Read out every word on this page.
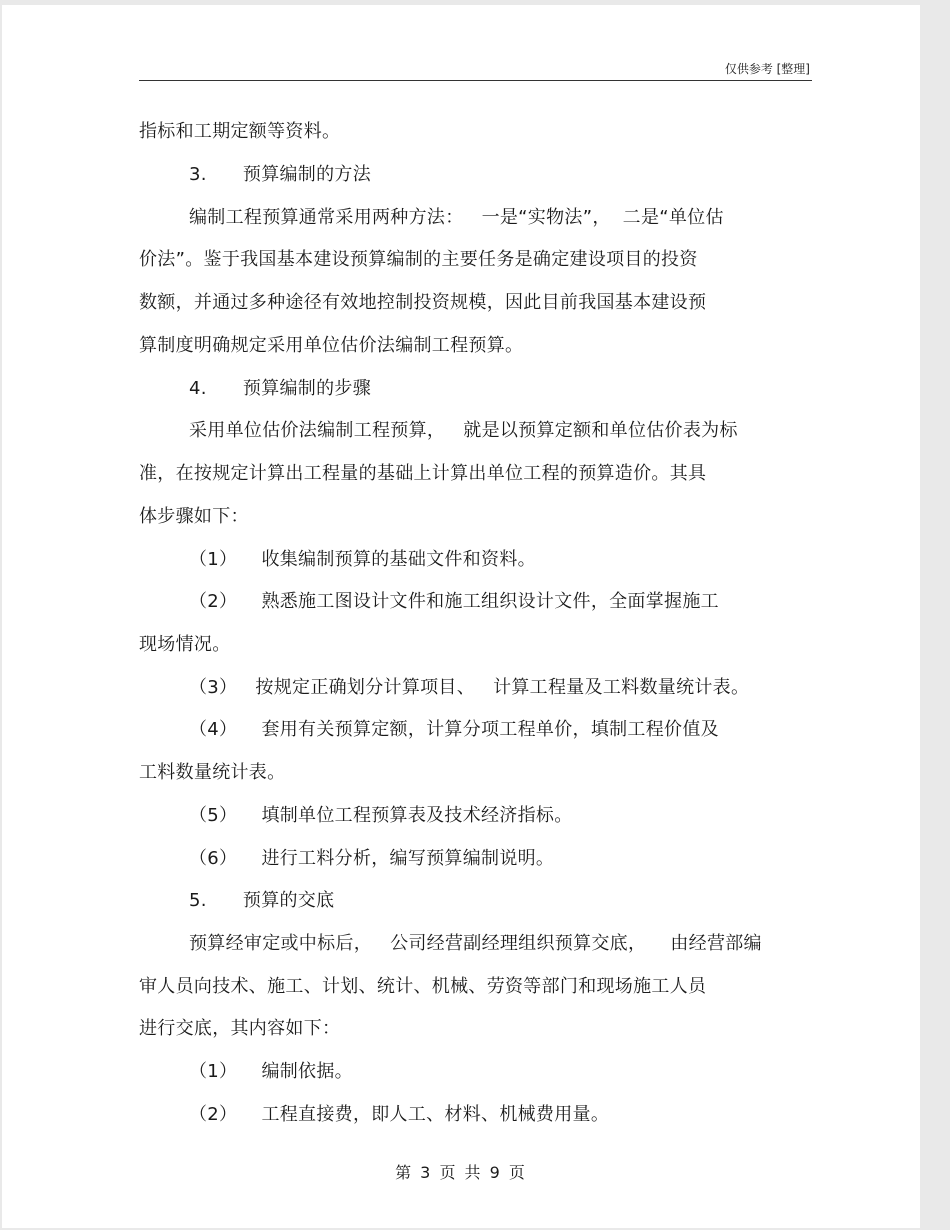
仅供参考 [整理]
指标和工期定额等资料。
3.      预算编制的方法
编制工程预算通常采用两种方法：   一是“实物法”，  二是“单位估
价法”。鉴于我国基本建设预算编制的主要任务是确定建设项目的投资
数额，并通过多种途径有效地控制投资规模，因此目前我国基本建设预
算制度明确规定采用单位估价法编制工程预算。
4.      预算编制的步骤
采用单位估价法编制工程预算，   就是以预算定额和单位估价表为标
准，在按规定计算出工程量的基础上计算出单位工程的预算造价。其具
体步骤如下：
（1）    收集编制预算的基础文件和资料。
（2）    熟悉施工图设计文件和施工组织设计文件，全面掌握施工
现场情况。
（3）   按规定正确划分计算项目、   计算工程量及工料数量统计表。
（4）    套用有关预算定额，计算分项工程单价，填制工程价值及
工料数量统计表。
（5）    填制单位工程预算表及技术经济指标。
（6）    进行工料分析，编写预算编制说明。
5.      预算的交底
预算经审定或中标后，   公司经营副经理组织预算交底，    由经营部编
审人员向技术、施工、计划、统计、机械、劳资等部门和现场施工人员
进行交底，其内容如下：
（1）    编制依据。
（2）    工程直接费，即人工、材料、机械费用量。
第 3 页 共 9 页
